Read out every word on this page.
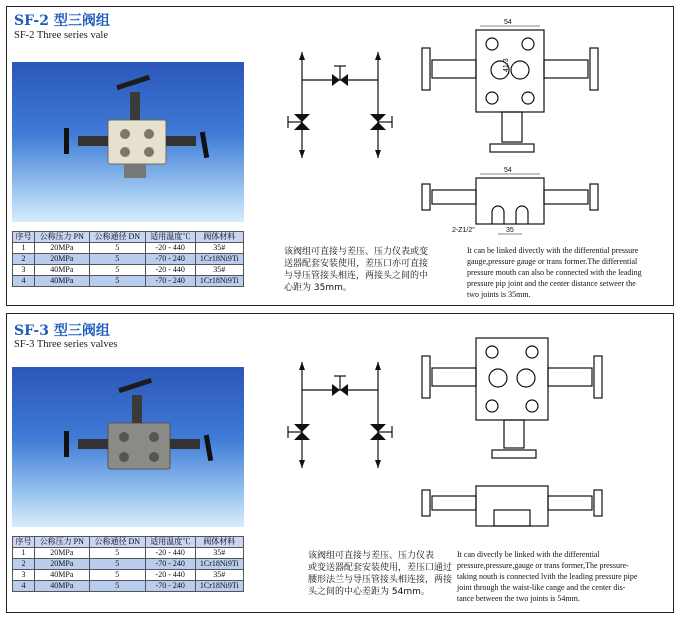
SF-2 型三阀组
SF-2 Three series vale
序号	公称压力 PN	公称通径 DN	适用温度℃	阀体材料
1	20MPa	5	-20 - 440	35#
2	20MPa	5	-70 - 240	1Cr18Ni9Ti
3	40MPa	5	-20 - 440	35#
4	40MPa	5	-70 - 240	1Cr18Ni9Ti
54
41.3
54
35
2-Z1/2"
该阀组可直接与差压、压力仪表或变
送器配套安装使用，差压口亦可直接
与导压管接头相连，两接头之间的中
心距为 35mm。
It can be linked divectly with the differential pressure
gauge,pressure gauge or trans former.The differential
pressure mouth can also be connected with the leading
pressure pip joint and the center distance setweer the
two joints is 35mm.
SF-3 型三阀组
SF-3 Three series valves
序号	公称压力 PN	公称通径 DN	适用温度℃	阀体材料
1	20MPa	5	-20 - 440	35#
2	20MPa	5	-70 - 240	1Cr18Ni9Ti
3	40MPa	5	-20 - 440	35#
4	40MPa	5	-70 - 240	1Cr18Ni9Ti
该阀组可直接与差压、压力仪表
或变送器配套安装使用，差压口通过
腰形法兰与导压管接头相连接，两接
头之间的中心差距为 54mm。
It can divectly be linked with the differential
pressure,pressure,gauge or trans former,The pressure-
taking nouth is connected lvith the leading pressure pipe
joint through the waist-like cange and the center dis-
tance between the two joints is 54mm.
